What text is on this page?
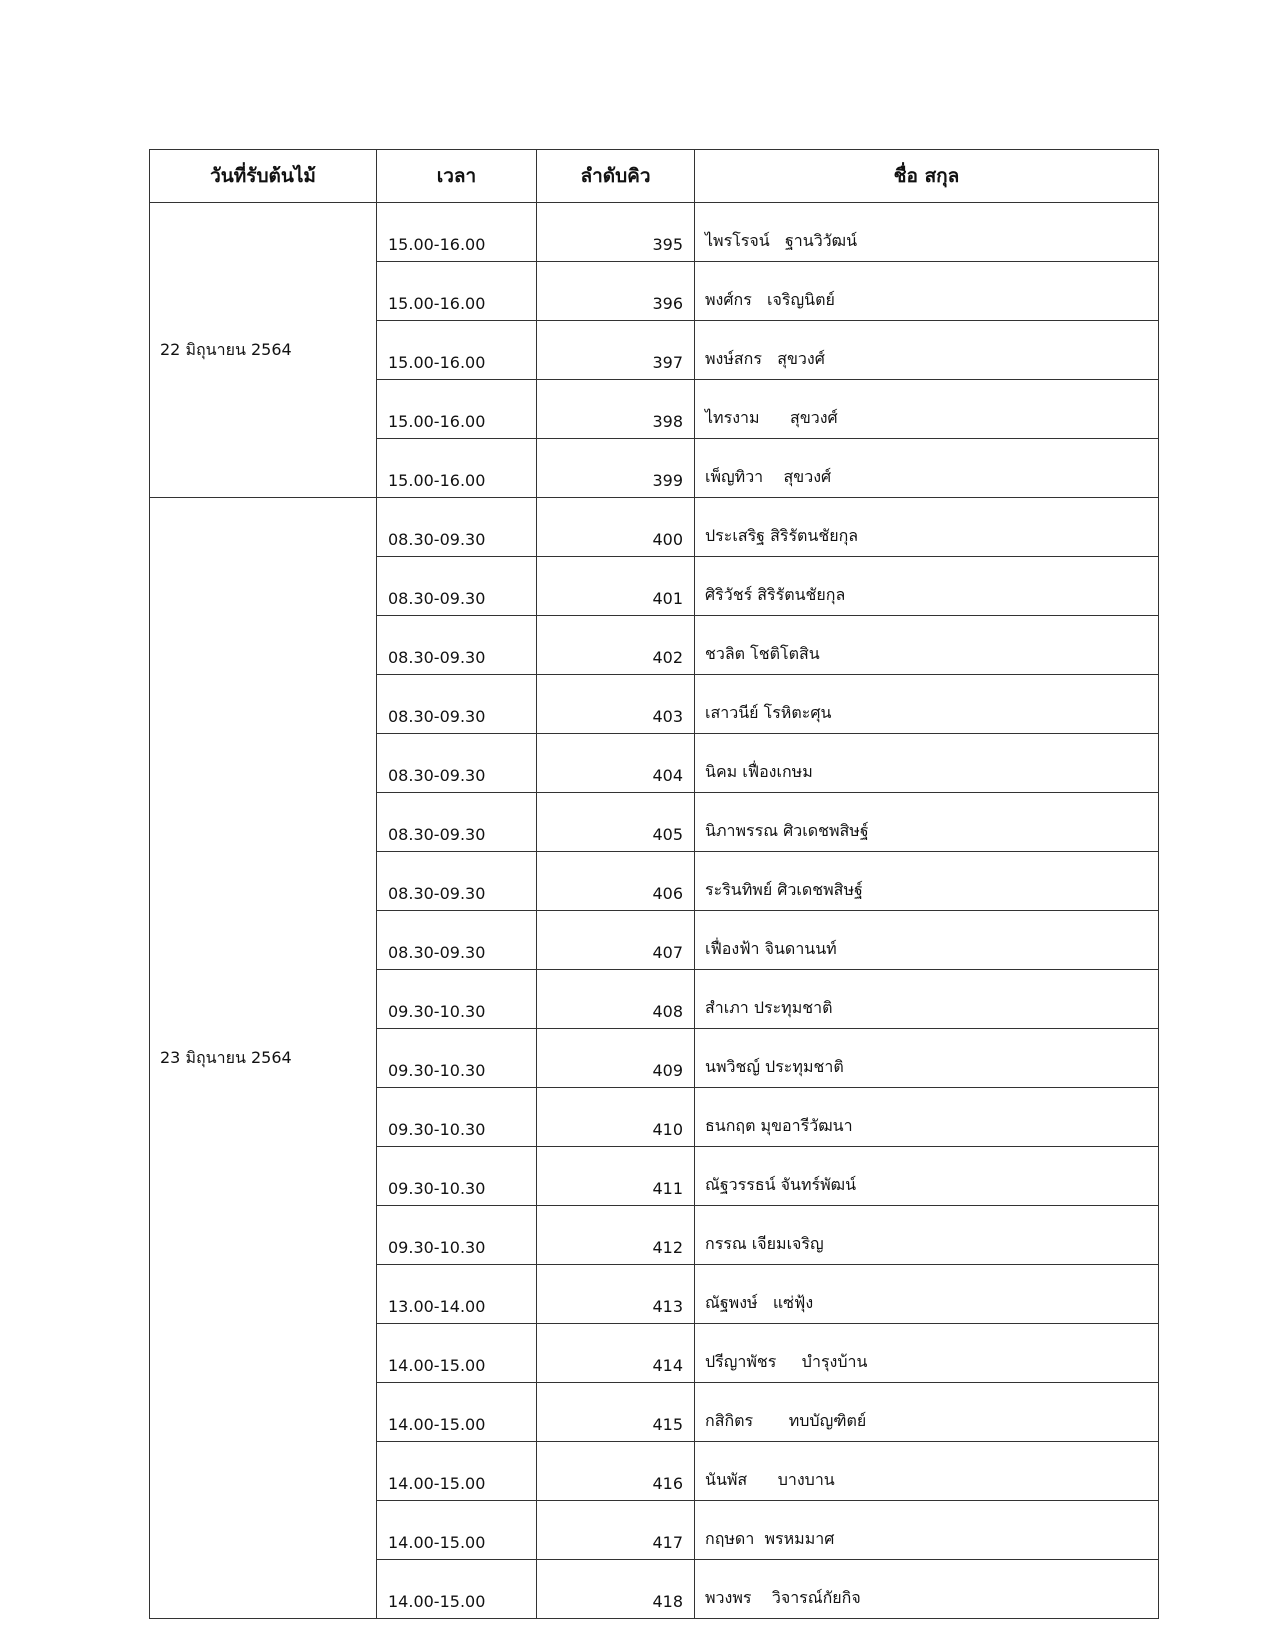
วันที่รับต้นไม้	เวลา	ลำดับคิว	ชื่อ สกุล
22 มิถุนายน 2564	15.00-16.00	395	ไพรโรจน์   ฐานวิวัฒน์
	15.00-16.00	396	พงศ์กร   เจริญนิตย์
	15.00-16.00	397	พงษ์สกร   สุขวงศ์
	15.00-16.00	398	ไทรงาม      สุขวงศ์
	15.00-16.00	399	เพ็ญทิวา    สุขวงศ์
23 มิถุนายน 2564	08.30-09.30	400	ประเสริฐ สิริรัตนชัยกุล
	08.30-09.30	401	ศิริวัชร์ สิริรัตนชัยกุล
	08.30-09.30	402	ชวลิต โชติโตสิน
	08.30-09.30	403	เสาวนีย์ โรหิตะศุน
	08.30-09.30	404	นิคม เฟื่องเกษม
	08.30-09.30	405	นิภาพรรณ ศิวเดชพสิษฐ์
	08.30-09.30	406	ระรินทิพย์ ศิวเดชพสิษฐ์
	08.30-09.30	407	เฟื่องฟ้า จินดานนท์
	09.30-10.30	408	สำเภา ประทุมชาติ
	09.30-10.30	409	นพวิชญ์ ประทุมชาติ
	09.30-10.30	410	ธนกฤต มุขอารีวัฒนา
	09.30-10.30	411	ณัฐวรรธน์ จันทร์พัฒน์
	09.30-10.30	412	กรรณ เจียมเจริญ
	13.00-14.00	413	ณัฐพงษ์   แซ่ฟุ้ง
	14.00-15.00	414	ปรีญาพัชร     บำรุงบ้าน
	14.00-15.00	415	กสิกิตร       ทบบัญฑิตย์
	14.00-15.00	416	นันพัส      บางบาน
	14.00-15.00	417	กฤษดา  พรหมมาศ
	14.00-15.00	418	พวงพร    วิจารณ์กัยกิจ
